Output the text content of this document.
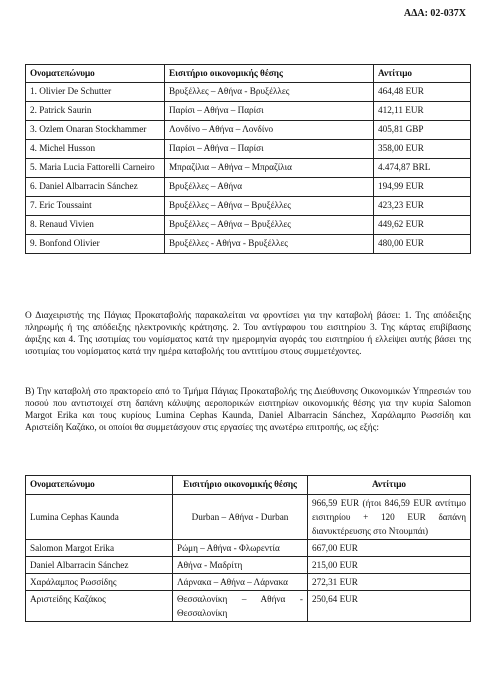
ΑΔΑ: 02-037Χ
Ονοματεπώνυμο	Εισιτήριο οικονομικής θέσης	Αντίτιμο
1. Olivier De Schutter	Βρυξέλλες – Αθήνα - Βρυξέλλες	464,48 EUR
2. Patrick Saurin	Παρίσι – Αθήνα – Παρίσι	412,11 EUR
3. Ozlem Onaran Stockhammer	Λονδίνο – Αθήνα – Λονδίνο	405,81 GBP
4. Michel Husson	Παρίσι – Αθήνα – Παρίσι	358,00 EUR
5. Maria Lucia Fattorelli Carneiro	Μπραζίλια – Αθήνα – Μπραζίλια	4.474,87 BRL
6. Daniel Albarracin Sánchez	Βρυξέλλες – Αθήνα	194,99 EUR
7. Eric Toussaint	Βρυξέλλες – Αθήνα – Βρυξέλλες	423,23 EUR
8. Renaud Vivien	Βρυξέλλες – Αθήνα – Βρυξέλλες	449,62 EUR
9. Bonfond Olivier	Βρυξέλλες - Αθήνα - Βρυξέλλες	480,00 EUR

Ο Διαχειριστής της Πάγιας Προκαταβολής παρακαλείται να φροντίσει για την καταβολή βάσει: 1. Της απόδειξης πληρωμής ή της απόδειξης ηλεκτρονικής κράτησης. 2. Του αντίγραφου του εισιτηρίου 3. Της κάρτας επιβίβασης άφιξης και 4. Της ισοτιμίας του νομίσματος κατά την ημερομηνία αγοράς του εισιτηρίου ή ελλείψει αυτής βάσει της ισοτιμίας του νομίσματος κατά την ημέρα καταβολής του αντιτίμου στους συμμετέχοντες.

Β) Την καταβολή στο πρακτορείο από το Τμήμα Πάγιας Προκαταβολής της Διεύθυνσης Οικονομικών Υπηρεσιών του ποσού που αντιστοιχεί στη δαπάνη κάλυψης αεροπορικών εισιτηρίων οικονομικής θέσης για την κυρία Salomon Margot Erika και τους κυρίους Lumina Cephas Kaunda, Daniel Albarracin Sánchez, Χαράλαμπο Ρωσσίδη και Αριστείδη Καζάκο, οι οποίοι θα συμμετάσχουν στις εργασίες της ανωτέρω επιτροπής, ως εξής:

Ονοματεπώνυμο	Εισιτήριο οικονομικής θέσης	Αντίτιμο
Lumina Cephas Kaunda	Durban – Αθήνα - Durban	966,59 EUR (ήτοι 846,59 EUR αντίτιμο εισιτηρίου + 120 EUR δαπάνη διανυκτέρευσης στο Ντουμπάι)
Salomon Margot Erika	Ρώμη – Αθήνα - Φλωρεντία	667,00 EUR
Daniel Albarracin Sánchez	Αθήνα - Μαδρίτη	215,00 EUR
Χαράλαμπος Ρωσσίδης	Λάρνακα – Αθήνα – Λάρνακα	272,31 EUR
Αριστείδης Καζάκος	Θεσσαλονίκη – Αθήνα - Θεσσαλονίκη	250,64 EUR
